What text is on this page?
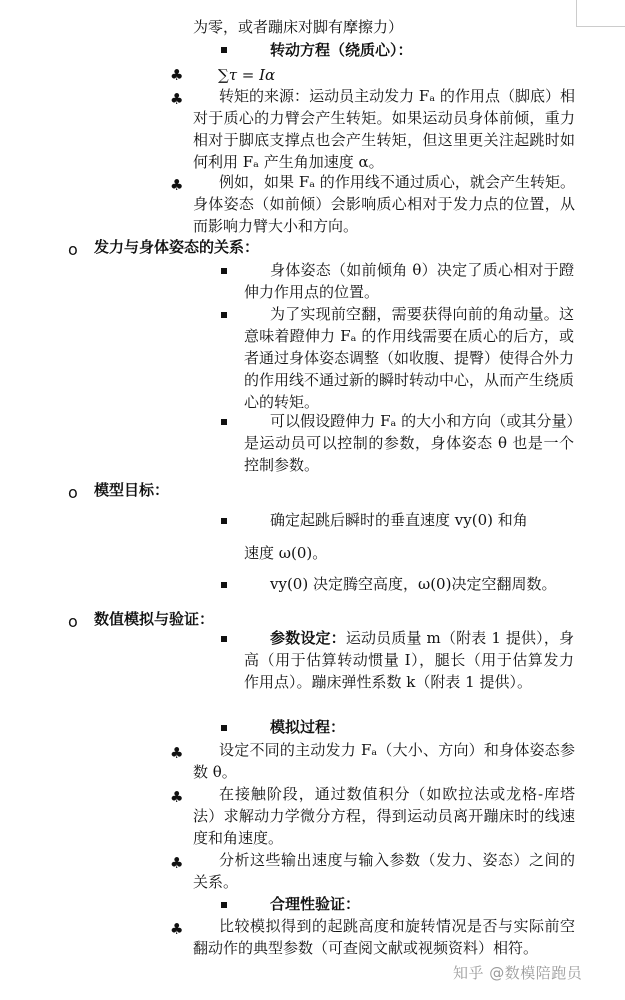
为零，或者蹦床对脚有摩擦力）
转动方程（绕质心）：
♣ ∑τ = Iα
♣	转矩的来源：运动员主动发力 Fₐ 的作用点（脚底）相对于质心的力臂会产生转矩。如果运动员身体前倾，重力相对于脚底支撑点也会产生转矩，但这里更关注起跳时如何利用 Fₐ 产生角加速度 α。
♣	例如，如果 Fₐ 的作用线不通过质心，就会产生转矩。身体姿态（如前倾）会影响质心相对于发力点的位置，从而影响力臂大小和方向。
o 发力与身体姿态的关系：
身体姿态（如前倾角 θ）决定了质心相对于蹬伸力作用点的位置。
为了实现前空翻，需要获得向前的角动量。这意味着蹬伸力 Fₐ 的作用线需要在质心的后方，或者通过身体姿态调整（如收腹、提臀）使得合外力的作用线不通过新的瞬时转动中心，从而产生绕质心的转矩。
可以假设蹬伸力 Fₐ 的大小和方向（或其分量）是运动员可以控制的参数，身体姿态 θ 也是一个控制参数。
o 模型目标：
确定起跳后瞬时的垂直速度 vy(0) 和角
速度 ω(0)。
vy(0) 决定腾空高度，ω(0)决定空翻周数。
o 数值模拟与验证：
参数设定：运动员质量 m（附表 1 提供），身高（用于估算转动惯量 I），腿长（用于估算发力作用点）。蹦床弹性系数 k（附表 1 提供）。
模拟过程：
♣	设定不同的主动发力 Fₐ（大小、方向）和身体姿态参数 θ。
♣	在接触阶段，通过数值积分（如欧拉法或龙格-库塔法）求解动力学微分方程，得到运动员离开蹦床时的线速度和角速度。
♣	分析这些输出速度与输入参数（发力、姿态）之间的关系。
合理性验证：
♣	比较模拟得到的起跳高度和旋转情况是否与实际前空翻动作的典型参数（可查阅文献或视频资料）相符。
知乎 @数模陪跑员
